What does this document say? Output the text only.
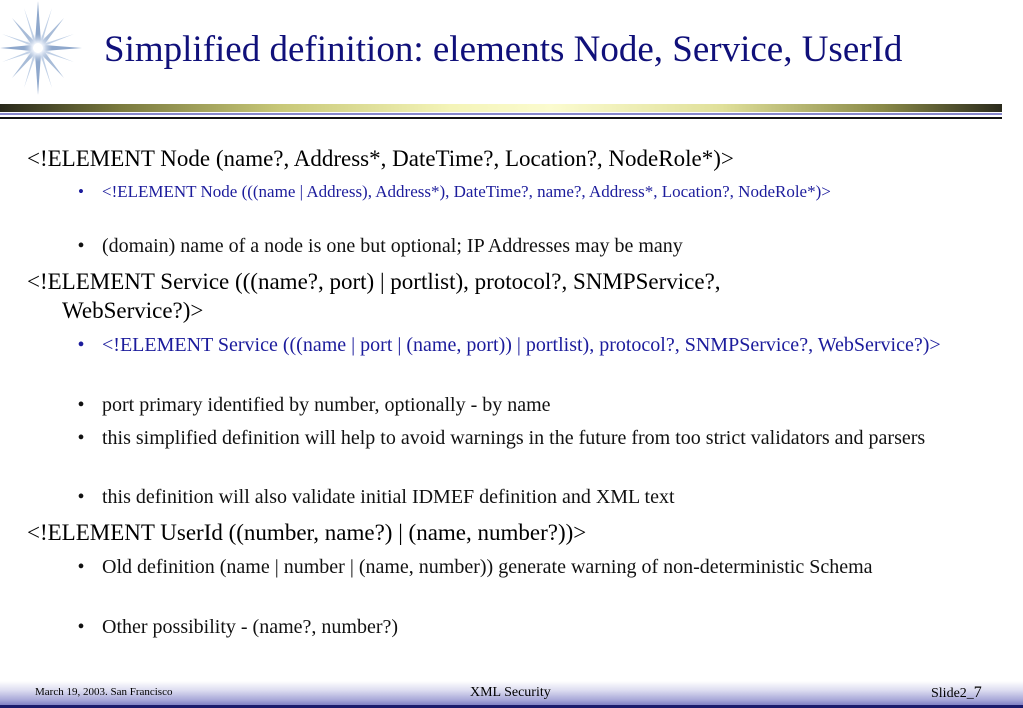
Simplified definition: elements Node, Service, UserId
<!ELEMENT Node (name?, Address*, DateTime?, Location?, NodeRole*)>
•	<!ELEMENT Node (((name | Address), Address*), DateTime?, name?, Address*, Location?, NodeRole*)>
• (domain) name of a node is one but optional; IP Addresses may be many
<!ELEMENT Service (((name?, port) | portlist), protocol?, SNMPService?,
WebService?)>
• <!ELEMENT Service (((name | port | (name, port)) | portlist), protocol?, SNMPService?, WebService?)>
• port primary identified by number, optionally - by name
• this simplified definition will help to avoid warnings in the future from too strict validators and parsers
• this definition will also validate initial IDMEF definition and XML text
<!ELEMENT UserId ((number, name?) | (name, number?))>
• Old definition (name | number | (name, number)) generate warning of non-deterministic Schema
• Other possibility - (name?, number?)
March 19, 2003. San Francisco	XML Security	Slide2_7
